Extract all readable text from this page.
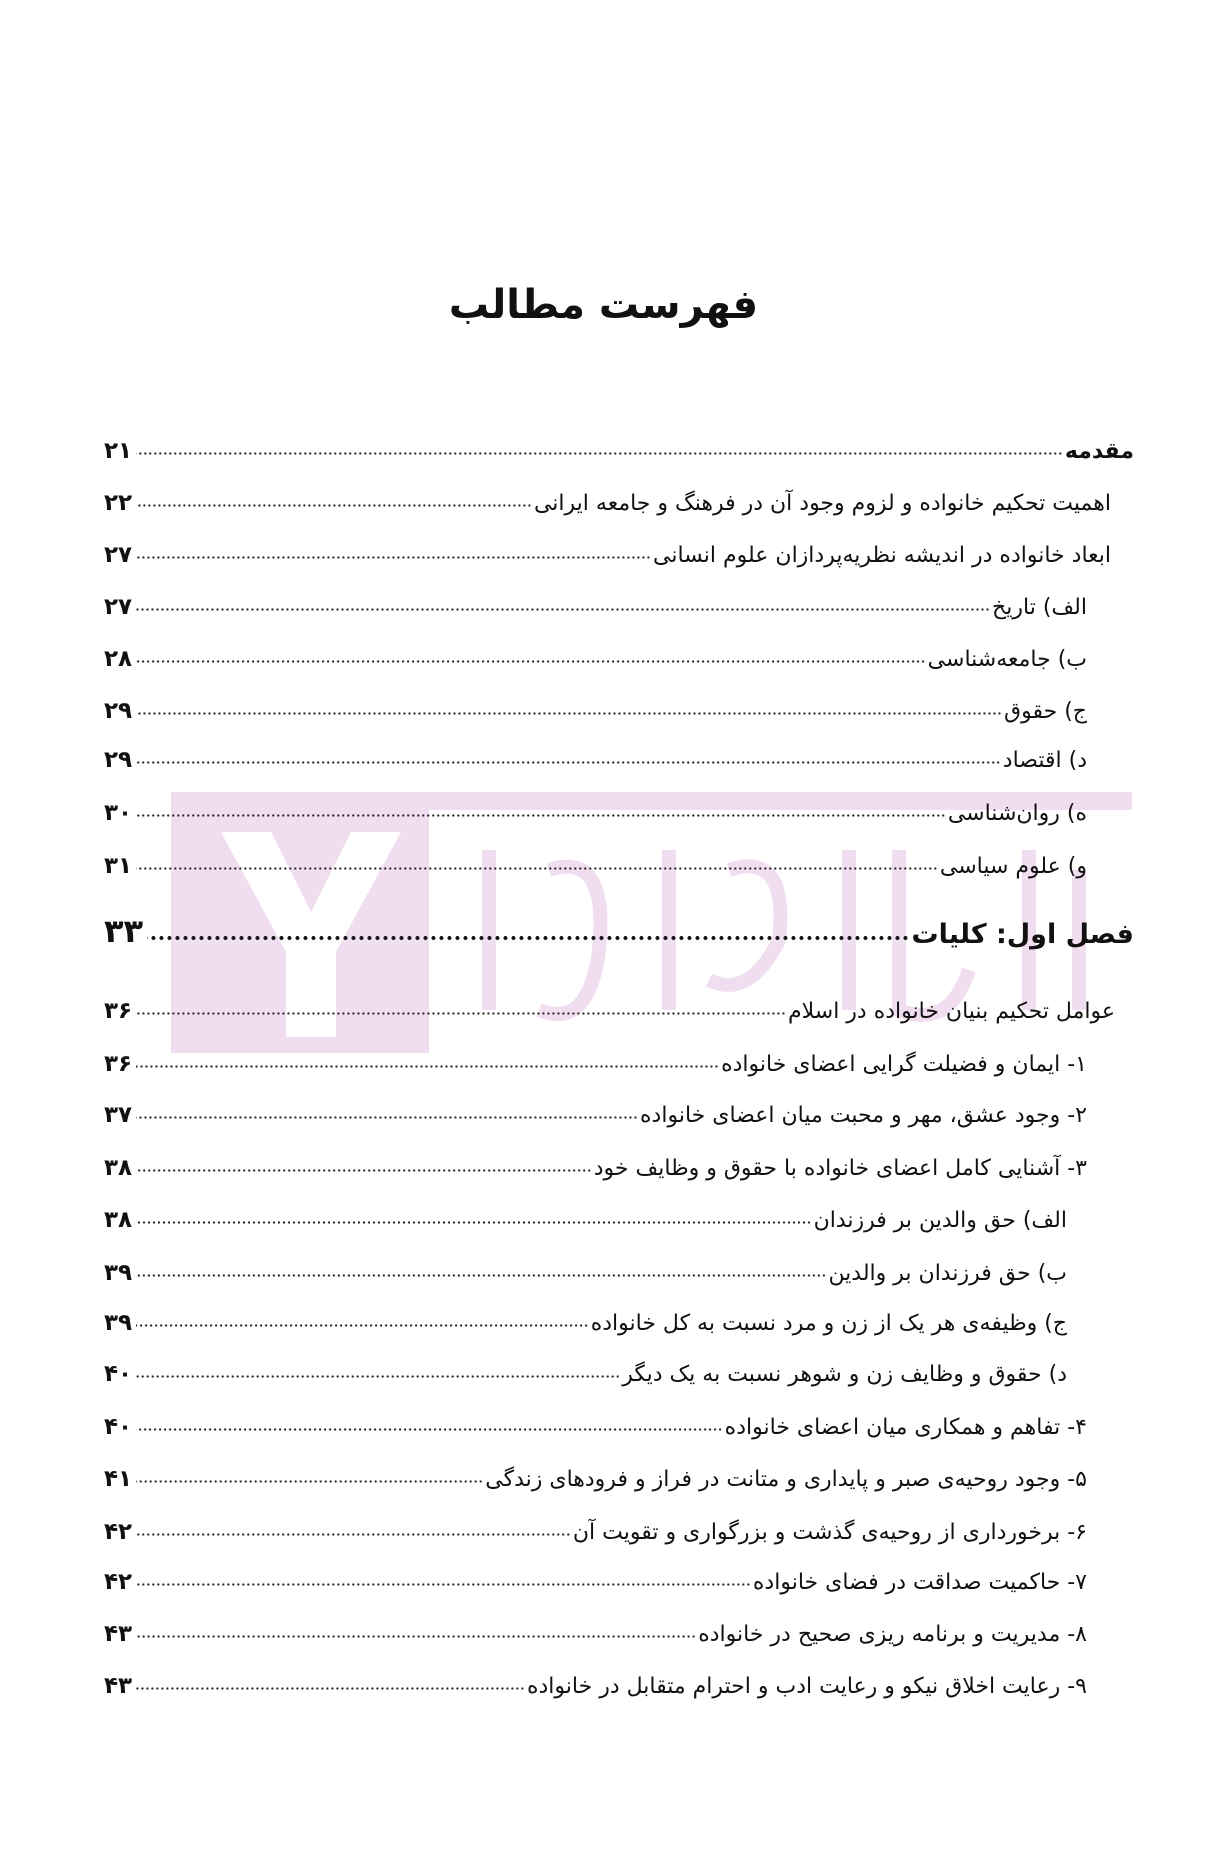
فهرست مطالب
مقدمه
۲۱
اهمیت تحکیم خانواده و لزوم وجود آن در فرهنگ و جامعه ایرانی
۲۲
ابعاد خانواده در اندیشه نظریه‌پردازان علوم انسانی
۲۷
الف) تاریخ
۲۷
ب) جامعه‌شناسی
۲۸
ج) حقوق
۲۹
د) اقتصاد
۲۹
ه) روان‌شناسی
۳۰
و) علوم سیاسی
۳۱
فصل اول: کلیات
۳۳
عوامل تحکیم بنیان خانواده در اسلام
۳۶
۱- ایمان و فضیلت گرایی اعضای خانواده
۳۶
۲- وجود عشق، مهر و محبت میان اعضای خانواده
۳۷
۳- آشنایی کامل اعضای خانواده با حقوق و وظایف خود
۳۸
الف) حق والدین بر فرزندان
۳۸
ب) حق فرزندان بر والدین
۳۹
ج) وظیفه‌ی هر یک از زن و مرد نسبت به کل خانواده
۳۹
د) حقوق و وظایف زن و شوهر نسبت به یک دیگر
۴۰
۴- تفاهم و همکاری میان اعضای خانواده
۴۰
۵- وجود روحیه‌ی صبر و پایداری و متانت در فراز و فرودهای زندگی
۴۱
۶- برخورداری از روحیه‌ی گذشت و بزرگواری و تقویت آن
۴۲
۷- حاکمیت صداقت در فضای خانواده
۴۲
۸- مدیریت و برنامه ریزی صحیح در خانواده
۴۳
۹- رعایت اخلاق نیکو و رعایت ادب و احترام متقابل در خانواده
۴۳
